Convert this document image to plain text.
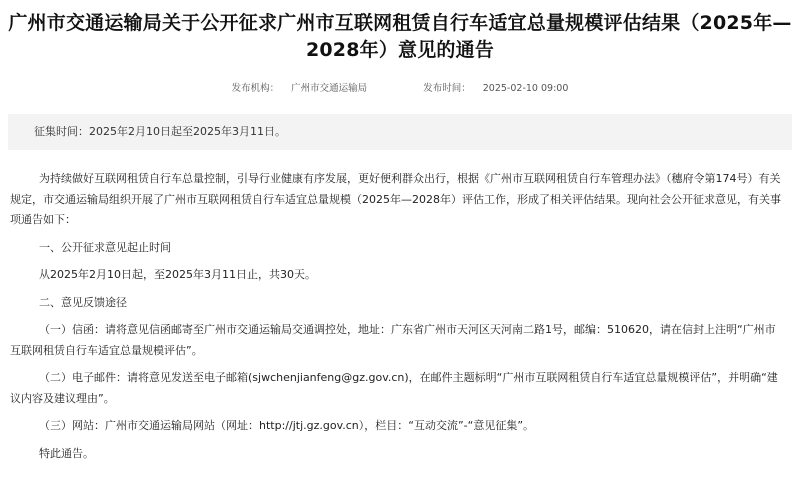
广州市交通运输局关于公开征求广州市互联网租赁自行车适宜总量规模评估结果（2025年—
2028年）意见的通告
发布机构： 广州市交通运输局	发布时间： 2025-02-10 09:00
征集时间：2025年2月10日起至2025年3月11日。

为持续做好互联网租赁自行车总量控制，引导行业健康有序发展，更好便利群众出行，根据《广州市互联网租赁自行车管理办法》（穗府令第174号）有关规定，市交通运输局组织开展了广州市互联网租赁自行车适宜总量规模（2025年—2028年）评估工作，形成了相关评估结果。现向社会公开征求意见，有关事项通告如下：

一、公开征求意见起止时间

从2025年2月10日起，至2025年3月11日止，共30天。

二、意见反馈途径

（一）信函：请将意见信函邮寄至广州市交通运输局交通调控处，地址：广东省广州市天河区天河南二路1号，邮编：510620，请在信封上注明“广州市互联网租赁自行车适宜总量规模评估”。

（二）电子邮件：请将意见发送至电子邮箱(sjwchenjianfeng@gz.gov.cn)，在邮件主题标明“广州市互联网租赁自行车适宜总量规模评估”，并明确“建议内容及建议理由”。

（三）网站：广州市交通运输局网站（网址：http://jtj.gz.gov.cn），栏目：“互动交流”-“意见征集”。

特此通告。
